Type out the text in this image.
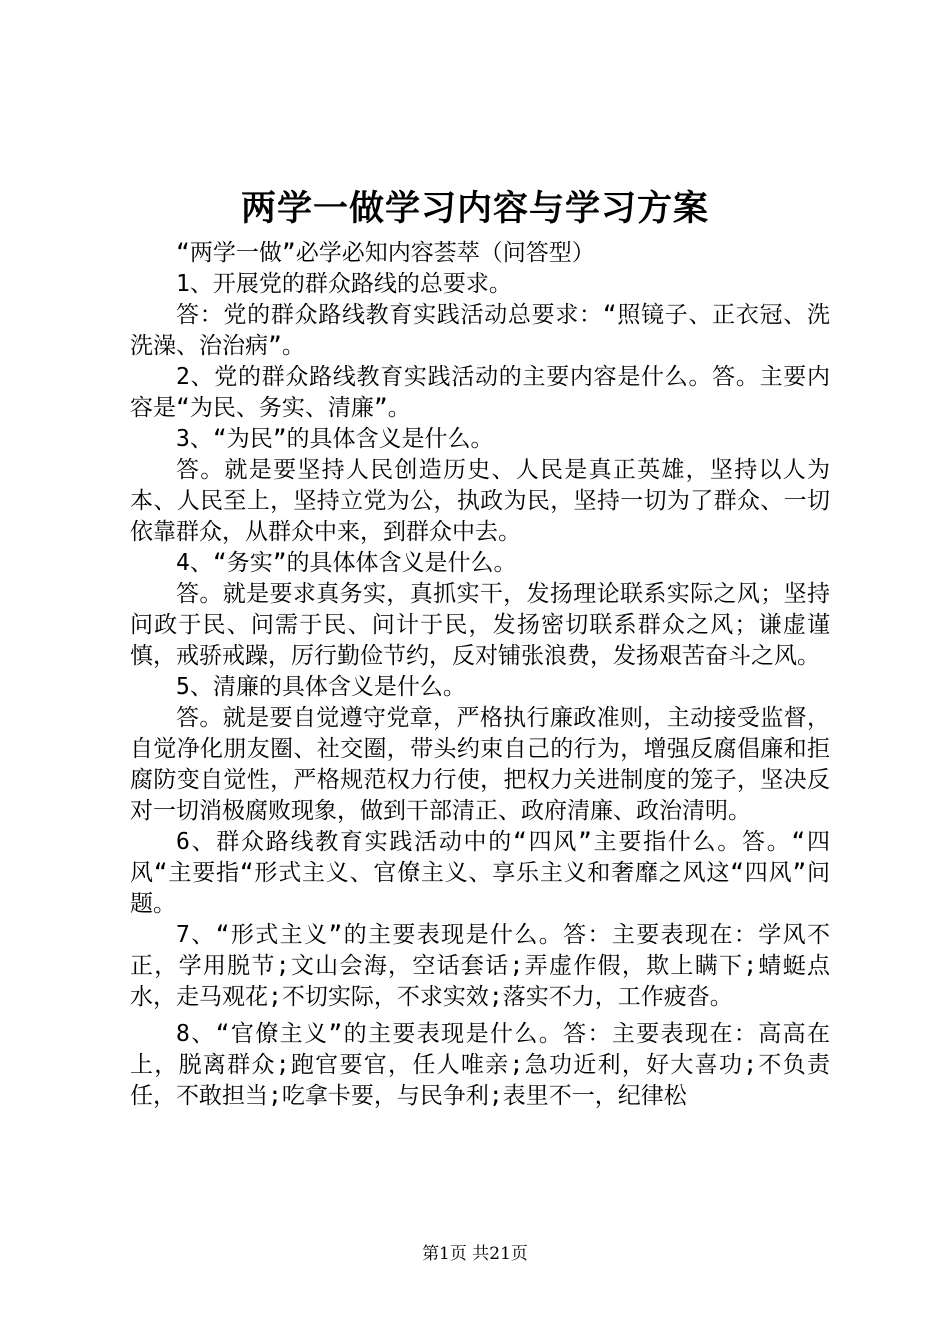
两学一做学习内容与学习方案

“两学一做”必学必知内容荟萃（问答型）

1、开展党的群众路线的总要求。

答：党的群众路线教育实践活动总要求：“照镜子、正衣冠、洗洗澡、治治病”。

2、党的群众路线教育实践活动的主要内容是什么。答。主要内容是“为民、务实、清廉”。

3、“为民”的具体含义是什么。

答。就是要坚持人民创造历史、人民是真正英雄，坚持以人为本、人民至上，坚持立党为公，执政为民，坚持一切为了群众、一切依靠群众，从群众中来，到群众中去。

4、“务实”的具体体含义是什么。

答。就是要求真务实，真抓实干，发扬理论联系实际之风；坚持问政于民、问需于民、问计于民，发扬密切联系群众之风；谦虚谨慎，戒骄戒躁，厉行勤俭节约，反对铺张浪费，发扬艰苦奋斗之风。

5、清廉的具体含义是什么。

答。就是要自觉遵守党章，严格执行廉政准则，主动接受监督，自觉净化朋友圈、社交圈，带头约束自己的行为，增强反腐倡廉和拒腐防变自觉性，严格规范权力行使，把权力关进制度的笼子，坚决反对一切消极腐败现象，做到干部清正、政府清廉、政治清明。

6、群众路线教育实践活动中的“四风”主要指什么。答。“四风“主要指“形式主义、官僚主义、享乐主义和奢靡之风这“四风”问题。

7、“形式主义”的主要表现是什么。答：主要表现在：学风不正，学用脱节;文山会海，空话套话;弄虚作假，欺上瞒下;蜻蜓点水，走马观花;不切实际，不求实效;落实不力，工作疲沓。

8、“官僚主义”的主要表现是什么。答：主要表现在：高高在上，脱离群众;跑官要官，任人唯亲;急功近利，好大喜功;不负责任，不敢担当;吃拿卡要，与民争利;表里不一，纪律松

第1页 共21页
